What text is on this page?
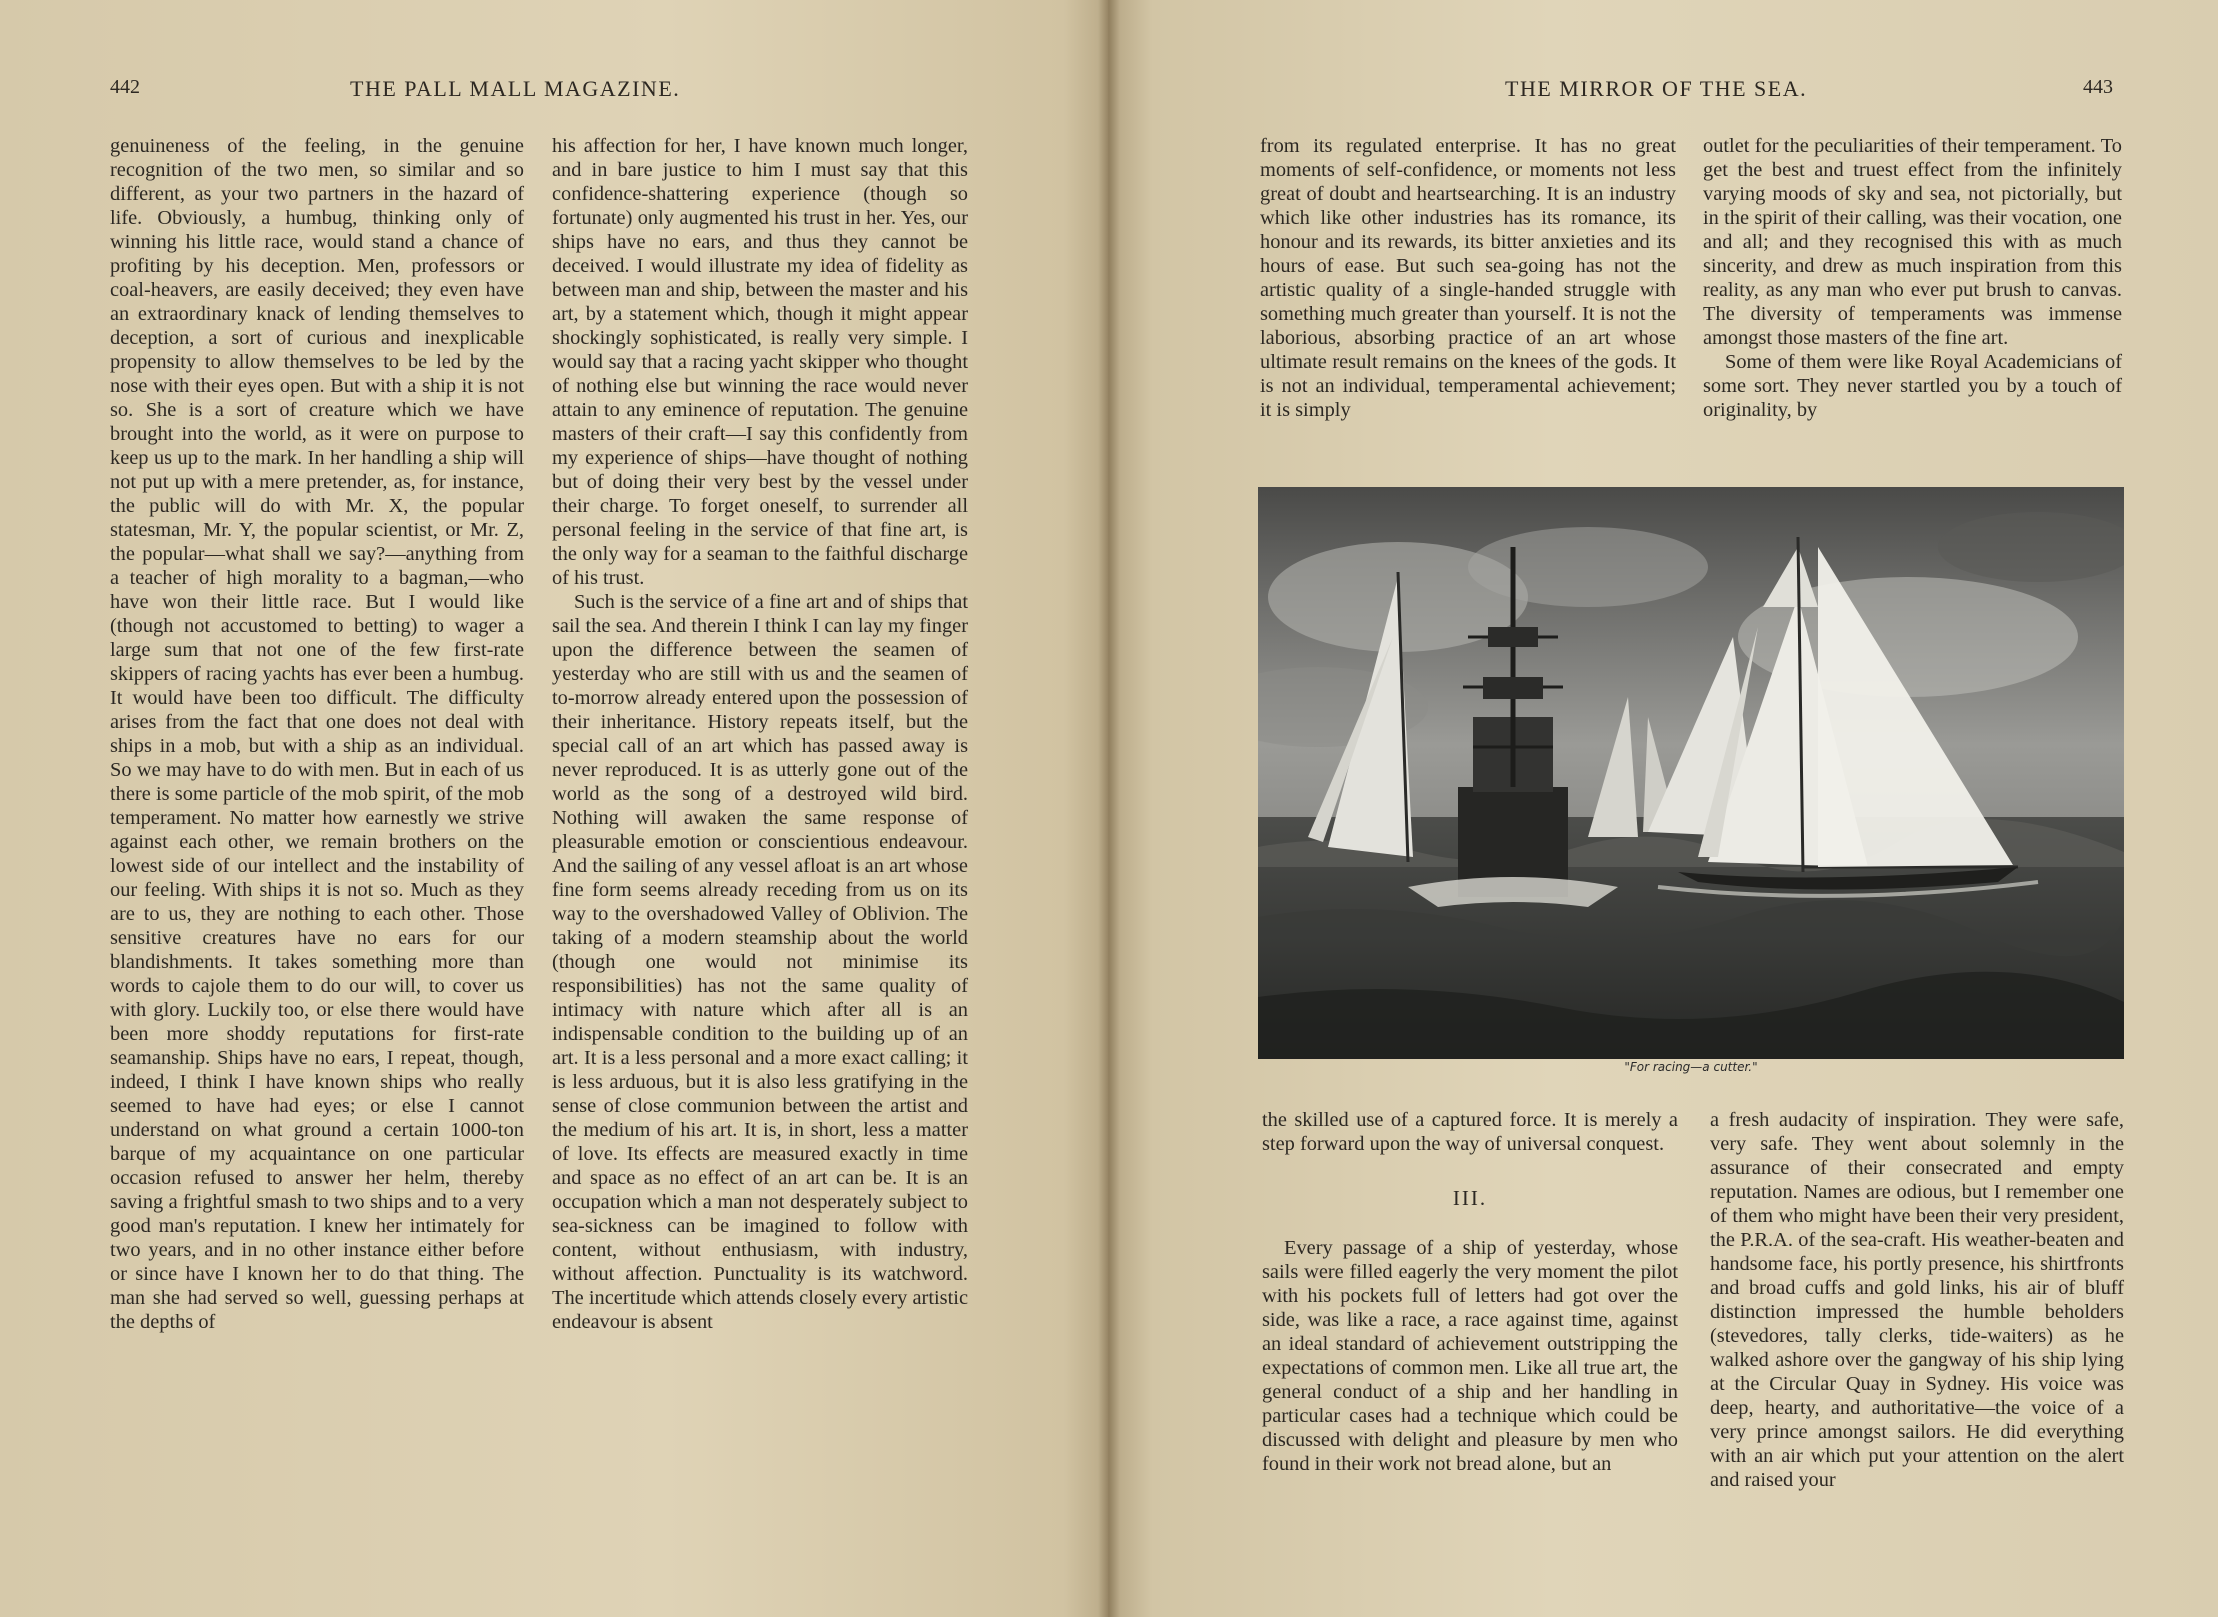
442	THE PALL MALL MAGAZINE.	THE MIRROR OF THE SEA.	443

genuineness of the feeling, in the genuine recognition of the two men, so similar and so different, as your two partners in the hazard of life. Obviously, a humbug, thinking only of winning his little race, would stand a chance of profiting by his deception. Men, professors or coal-heavers, are easily deceived; they even have an extraordinary knack of lending themselves to deception, a sort of curious and inexplicable propensity to allow themselves to be led by the nose with their eyes open. But with a ship it is not so. She is a sort of creature which we have brought into the world, as it were on purpose to keep us up to the mark. In her handling a ship will not put up with a mere pretender, as, for instance, the public will do with Mr. X, the popular statesman, Mr. Y, the popular scientist, or Mr. Z, the popular—what shall we say?—anything from a teacher of high morality to a bagman,—who have won their little race. But I would like (though not accustomed to betting) to wager a large sum that not one of the few first-rate skippers of racing yachts has ever been a humbug. It would have been too difficult. The difficulty arises from the fact that one does not deal with ships in a mob, but with a ship as an individual. So we may have to do with men. But in each of us there is some particle of the mob spirit, of the mob temperament. No matter how earnestly we strive against each other, we remain brothers on the lowest side of our intellect and the instability of our feeling. With ships it is not so. Much as they are to us, they are nothing to each other. Those sensitive creatures have no ears for our blandishments. It takes something more than words to cajole them to do our will, to cover us with glory. Luckily too, or else there would have been more shoddy reputations for first-rate seamanship. Ships have no ears, I repeat, though, indeed, I think I have known ships who really seemed to have had eyes; or else I cannot understand on what ground a certain 1000-ton barque of my acquaintance on one particular occasion refused to answer her helm, thereby saving a frightful smash to two ships and to a very good man's reputation. I knew her intimately for two years, and in no other instance either before or since have I known her to do that thing. The man she had served so well, guessing perhaps at the depths of

his affection for her, I have known much longer, and in bare justice to him I must say that this confidence-shattering experience (though so fortunate) only augmented his trust in her. Yes, our ships have no ears, and thus they cannot be deceived. I would illustrate my idea of fidelity as between man and ship, between the master and his art, by a statement which, though it might appear shockingly sophisticated, is really very simple. I would say that a racing yacht skipper who thought of nothing else but winning the race would never attain to any eminence of reputation. The genuine masters of their craft—I say this confidently from my experience of ships—have thought of nothing but of doing their very best by the vessel under their charge. To forget oneself, to surrender all personal feeling in the service of that fine art, is the only way for a seaman to the faithful discharge of his trust.

Such is the service of a fine art and of ships that sail the sea. And therein I think I can lay my finger upon the difference between the seamen of yesterday who are still with us and the seamen of to-morrow already entered upon the possession of their inheritance. History repeats itself, but the special call of an art which has passed away is never reproduced. It is as utterly gone out of the world as the song of a destroyed wild bird. Nothing will awaken the same response of pleasurable emotion or conscientious endeavour. And the sailing of any vessel afloat is an art whose fine form seems already receding from us on its way to the overshadowed Valley of Oblivion. The taking of a modern steamship about the world (though one would not minimise its responsibilities) has not the same quality of intimacy with nature which after all is an indispensable condition to the building up of an art. It is a less personal and a more exact calling; it is less arduous, but it is also less gratifying in the sense of close communion between the artist and the medium of his art. It is, in short, less a matter of love. Its effects are measured exactly in time and space as no effect of an art can be. It is an occupation which a man not desperately subject to sea-sickness can be imagined to follow with content, without enthusiasm, with industry, without affection. Punctuality is its watchword. The incertitude which attends closely every artistic endeavour is absent

from its regulated enterprise. It has no great moments of self-confidence, or moments not less great of doubt and heartsearching. It is an industry which like other industries has its romance, its honour and its rewards, its bitter anxieties and its hours of ease. But such sea-going has not the artistic quality of a single-handed struggle with something much greater than yourself. It is not the laborious, absorbing practice of an art whose ultimate result remains on the knees of the gods. It is not an individual, temperamental achievement; it is simply

outlet for the peculiarities of their temperament. To get the best and truest effect from the infinitely varying moods of sky and sea, not pictorially, but in the spirit of their calling, was their vocation, one and all; and they recognised this with as much sincerity, and drew as much inspiration from this reality, as any man who ever put brush to canvas. The diversity of temperaments was immense amongst those masters of the fine art.

Some of them were like Royal Academicians of some sort. They never startled you by a touch of originality, by

"For racing—a cutter."

the skilled use of a captured force. It is merely a step forward upon the way of universal conquest.

III.

Every passage of a ship of yesterday, whose sails were filled eagerly the very moment the pilot with his pockets full of letters had got over the side, was like a race, a race against time, against an ideal standard of achievement outstripping the expectations of common men. Like all true art, the general conduct of a ship and her handling in particular cases had a technique which could be discussed with delight and pleasure by men who found in their work not bread alone, but an

a fresh audacity of inspiration. They were safe, very safe. They went about solemnly in the assurance of their consecrated and empty reputation. Names are odious, but I remember one of them who might have been their very president, the P.R.A. of the sea-craft. His weather-beaten and handsome face, his portly presence, his shirtfronts and broad cuffs and gold links, his air of bluff distinction impressed the humble beholders (stevedores, tally clerks, tide-waiters) as he walked ashore over the gangway of his ship lying at the Circular Quay in Sydney. His voice was deep, hearty, and authoritative—the voice of a very prince amongst sailors. He did everything with an air which put your attention on the alert and raised your
